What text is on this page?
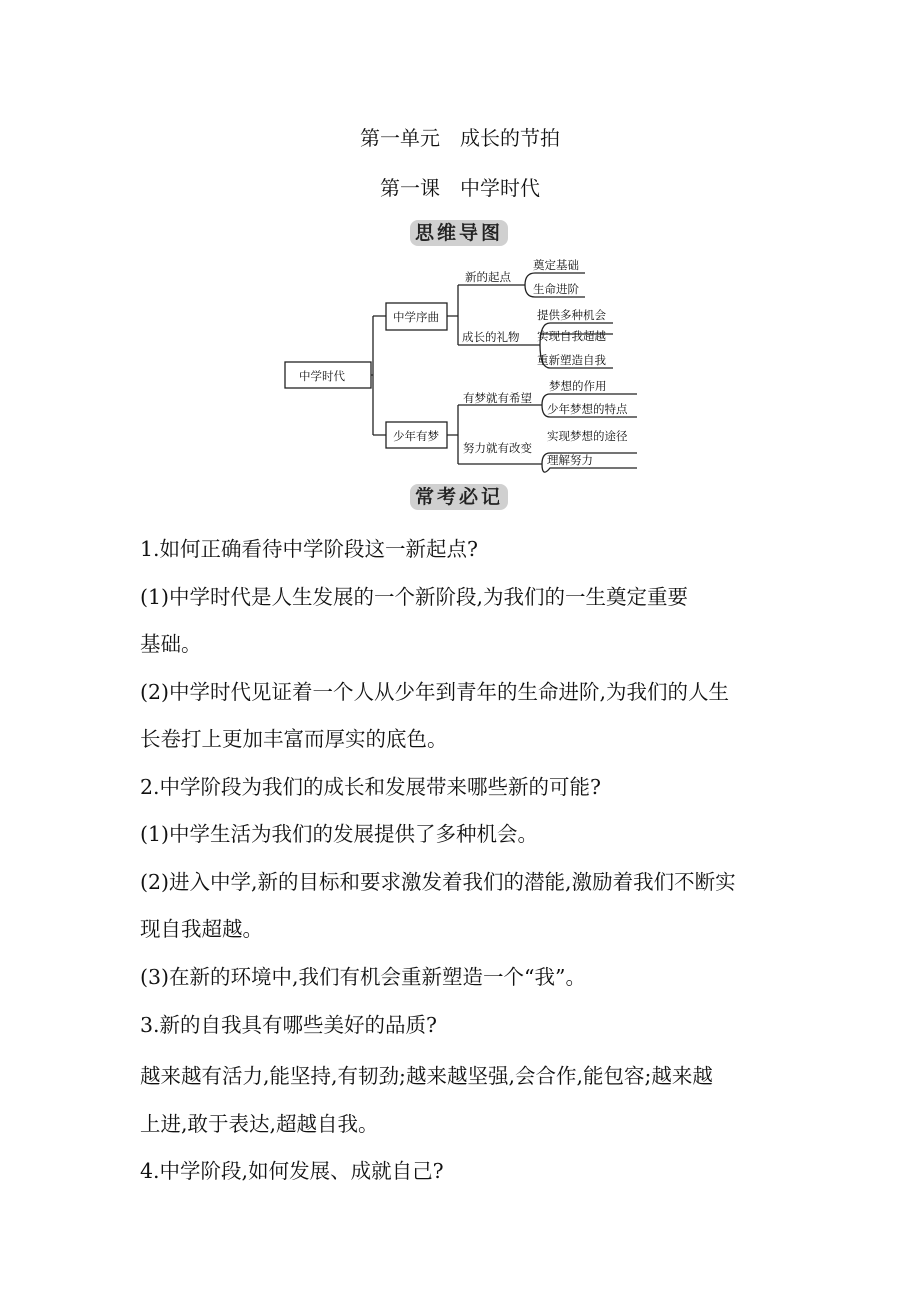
第一单元　成长的节拍
第一课　中学时代
思维导图
中学时代
中学序曲
少年有梦
新的起点
成长的礼物
有梦就有希望
努力就有改变
奠定基础
生命进阶
提供多种机会
实现自我超越
重新塑造自我
梦想的作用
少年梦想的特点
实现梦想的途径
理解努力
常考必记
1.如何正确看待中学阶段这一新起点?
(1)中学时代是人生发展的一个新阶段,为我们的一生奠定重要
基础。
(2)中学时代见证着一个人从少年到青年的生命进阶,为我们的人生
长卷打上更加丰富而厚实的底色。
2.中学阶段为我们的成长和发展带来哪些新的可能?
(1)中学生活为我们的发展提供了多种机会。
(2)进入中学,新的目标和要求激发着我们的潜能,激励着我们不断实
现自我超越。
(3)在新的环境中,我们有机会重新塑造一个“我”。
3.新的自我具有哪些美好的品质?
越来越有活力,能坚持,有韧劲;越来越坚强,会合作,能包容;越来越
上进,敢于表达,超越自我。
4.中学阶段,如何发展、成就自己?
